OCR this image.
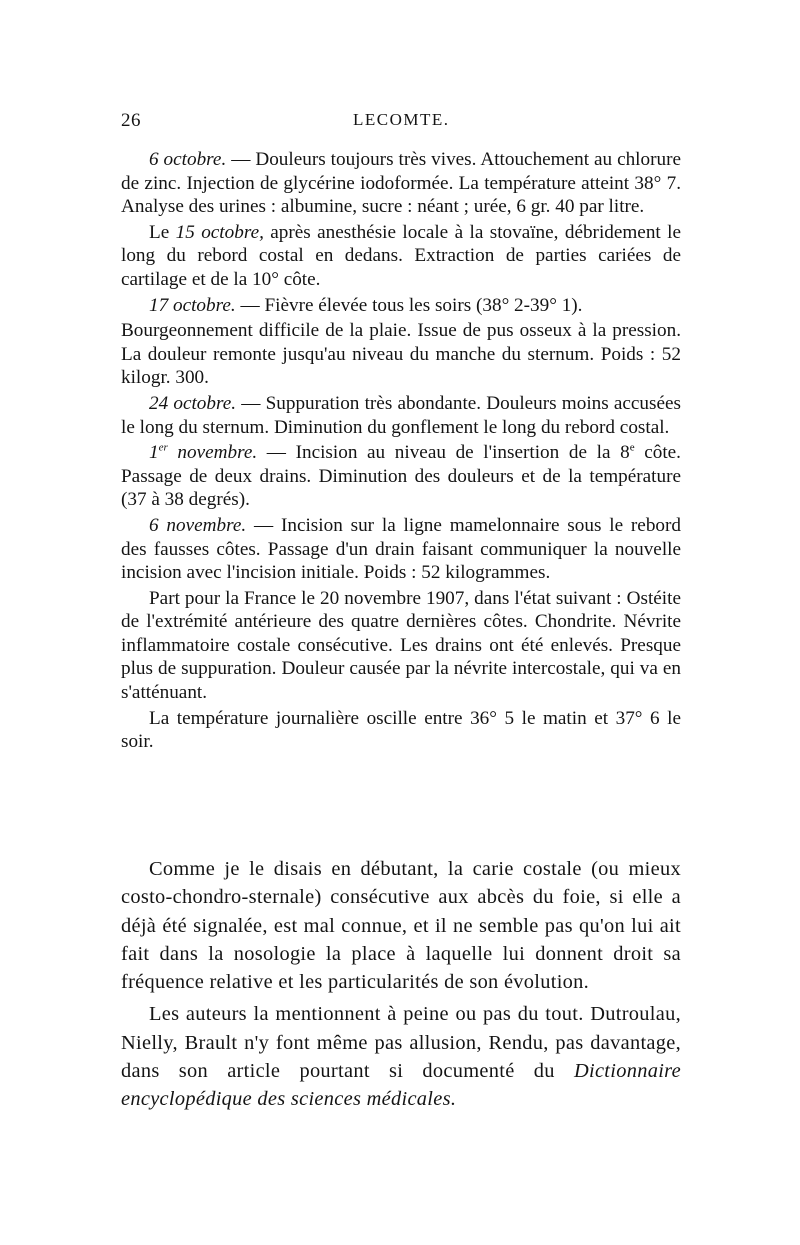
26	LECOMTE.

6 octobre. — Douleurs toujours très vives. Attouchement au chlorure de zinc. Injection de glycérine iodoformée. La température atteint 38° 7. Analyse des urines : albumine, sucre : néant ; urée, 6 gr. 40 par litre.

Le 15 octobre, après anesthésie locale à la stovaïne, débridement le long du rebord costal en dedans. Extraction de parties cariées de cartilage et de la 10° côte.

17 octobre. — Fièvre élevée tous les soirs (38° 2-39° 1).

Bourgeonnement difficile de la plaie. Issue de pus osseux à la pression. La douleur remonte jusqu'au niveau du manche du sternum. Poids : 52 kilogr. 300.

24 octobre. — Suppuration très abondante. Douleurs moins accusées le long du sternum. Diminution du gonflement le long du rebord costal.

1er novembre. — Incision au niveau de l'insertion de la 8e côte. Passage de deux drains. Diminution des douleurs et de la température (37 à 38 degrés).

6 novembre. — Incision sur la ligne mamelonnaire sous le rebord des fausses côtes. Passage d'un drain faisant communiquer la nouvelle incision avec l'incision initiale. Poids : 52 kilogrammes.

Part pour la France le 20 novembre 1907, dans l'état suivant : Ostéite de l'extrémité antérieure des quatre dernières côtes. Chondrite. Névrite inflammatoire costale consécutive. Les drains ont été enlevés. Presque plus de suppuration. Douleur causée par la névrite intercostale, qui va en s'atténuant.

La température journalière oscille entre 36° 5 le matin et 37° 6 le soir.

Comme je le disais en débutant, la carie costale (ou mieux costo-chondro-sternale) consécutive aux abcès du foie, si elle a déjà été signalée, est mal connue, et il ne semble pas qu'on lui ait fait dans la nosologie la place à laquelle lui donnent droit sa fréquence relative et les particularités de son évolution.

Les auteurs la mentionnent à peine ou pas du tout. Dutroulau, Nielly, Brault n'y font même pas allusion, Rendu, pas davantage, dans son article pourtant si documenté du Dictionnaire encyclopédique des sciences médicales.
